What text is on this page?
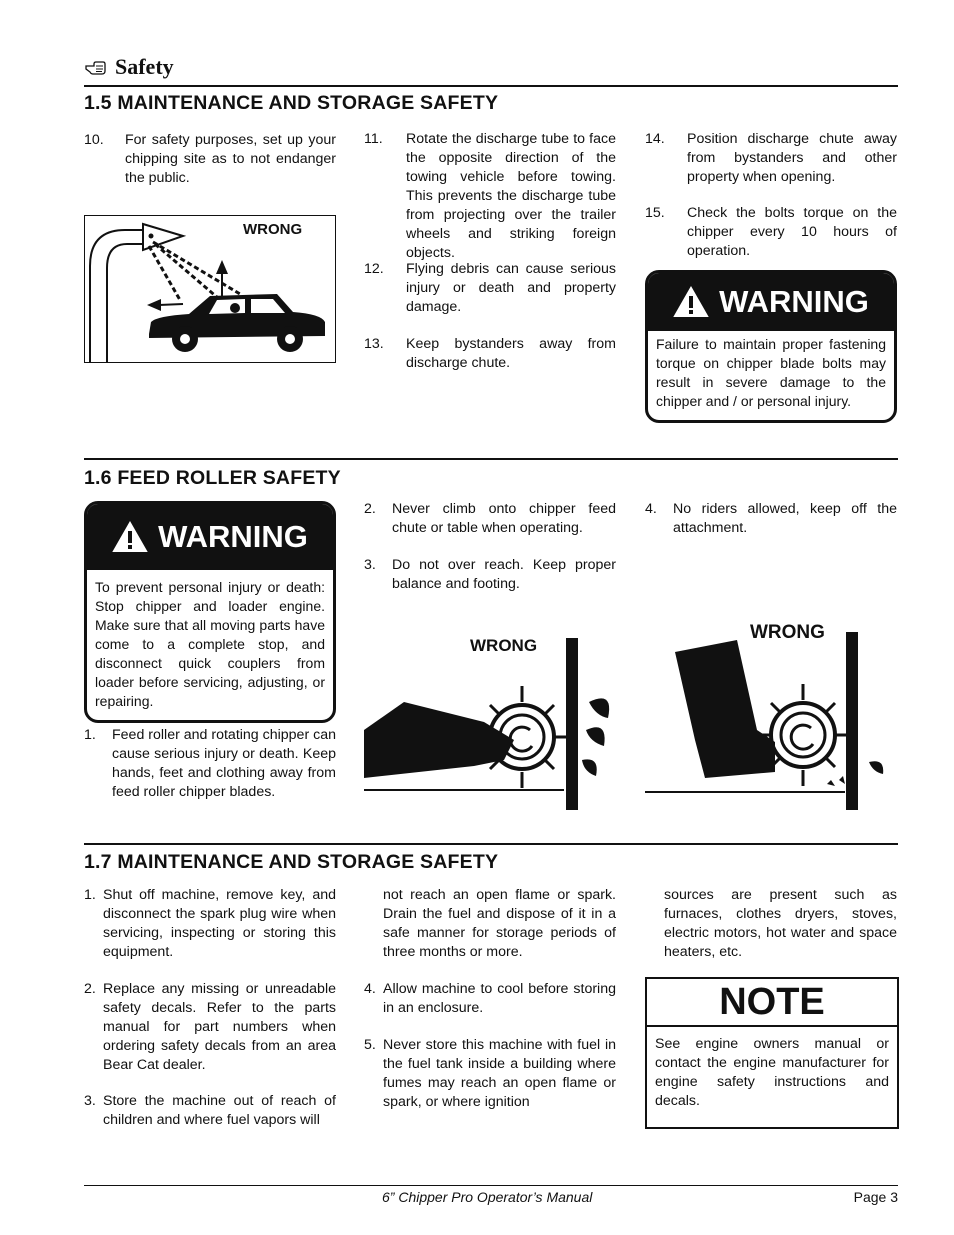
Safety
1.5 MAINTENANCE AND STORAGE SAFETY
10. For safety purposes, set up your chipping site as to not endanger the public.
WRONG
11. Rotate the discharge tube to face the opposite direction of the towing vehicle before towing. This prevents the discharge tube from projecting over the trailer wheels and striking foreign objects.
12. Flying debris can cause serious injury or death and property damage.
13. Keep bystanders away from discharge chute.
14. Position discharge chute away from bystanders and other property when opening.
15. Check the bolts torque on the chipper every 10 hours of operation.
WARNING
Failure to maintain proper fastening torque on chipper blade bolts may result in severe damage to the chipper and / or personal injury.
1.6 FEED ROLLER SAFETY
WARNING
To prevent personal injury or death: Stop chipper and loader engine. Make sure that all moving parts have come to a complete stop, and disconnect quick couplers from loader before servicing, adjusting, or repairing.
1. Feed roller and rotating chipper can cause serious injury or death. Keep hands, feet and clothing away from feed roller chipper blades.
2. Never climb onto chipper feed chute or table when operating.
3. Do not over reach. Keep proper balance and footing.
4. No riders allowed, keep off the attachment.
WRONG
WRONG
1.7 MAINTENANCE AND STORAGE SAFETY
1. Shut off machine, remove key, and disconnect the spark plug wire when servicing, inspecting or storing this equipment.
2. Replace any missing or unreadable safety decals. Refer to the parts manual for part numbers when ordering safety decals from an area Bear Cat dealer.
3. Store the machine out of reach of children and where fuel vapors will
not reach an open flame or spark. Drain the fuel and dispose of it in a safe manner for storage periods of three months or more.
4. Allow machine to cool before storing in an enclosure.
5. Never store this machine with fuel in the fuel tank inside a building where fumes may reach an open flame or spark, or where ignition
sources are present such as furnaces, clothes dryers, stoves, electric motors, hot water and space heaters, etc.
NOTE
See engine owners manual or contact the engine manufacturer for engine safety instructions and decals.
6” Chipper Pro Operator’s Manual	Page 3
